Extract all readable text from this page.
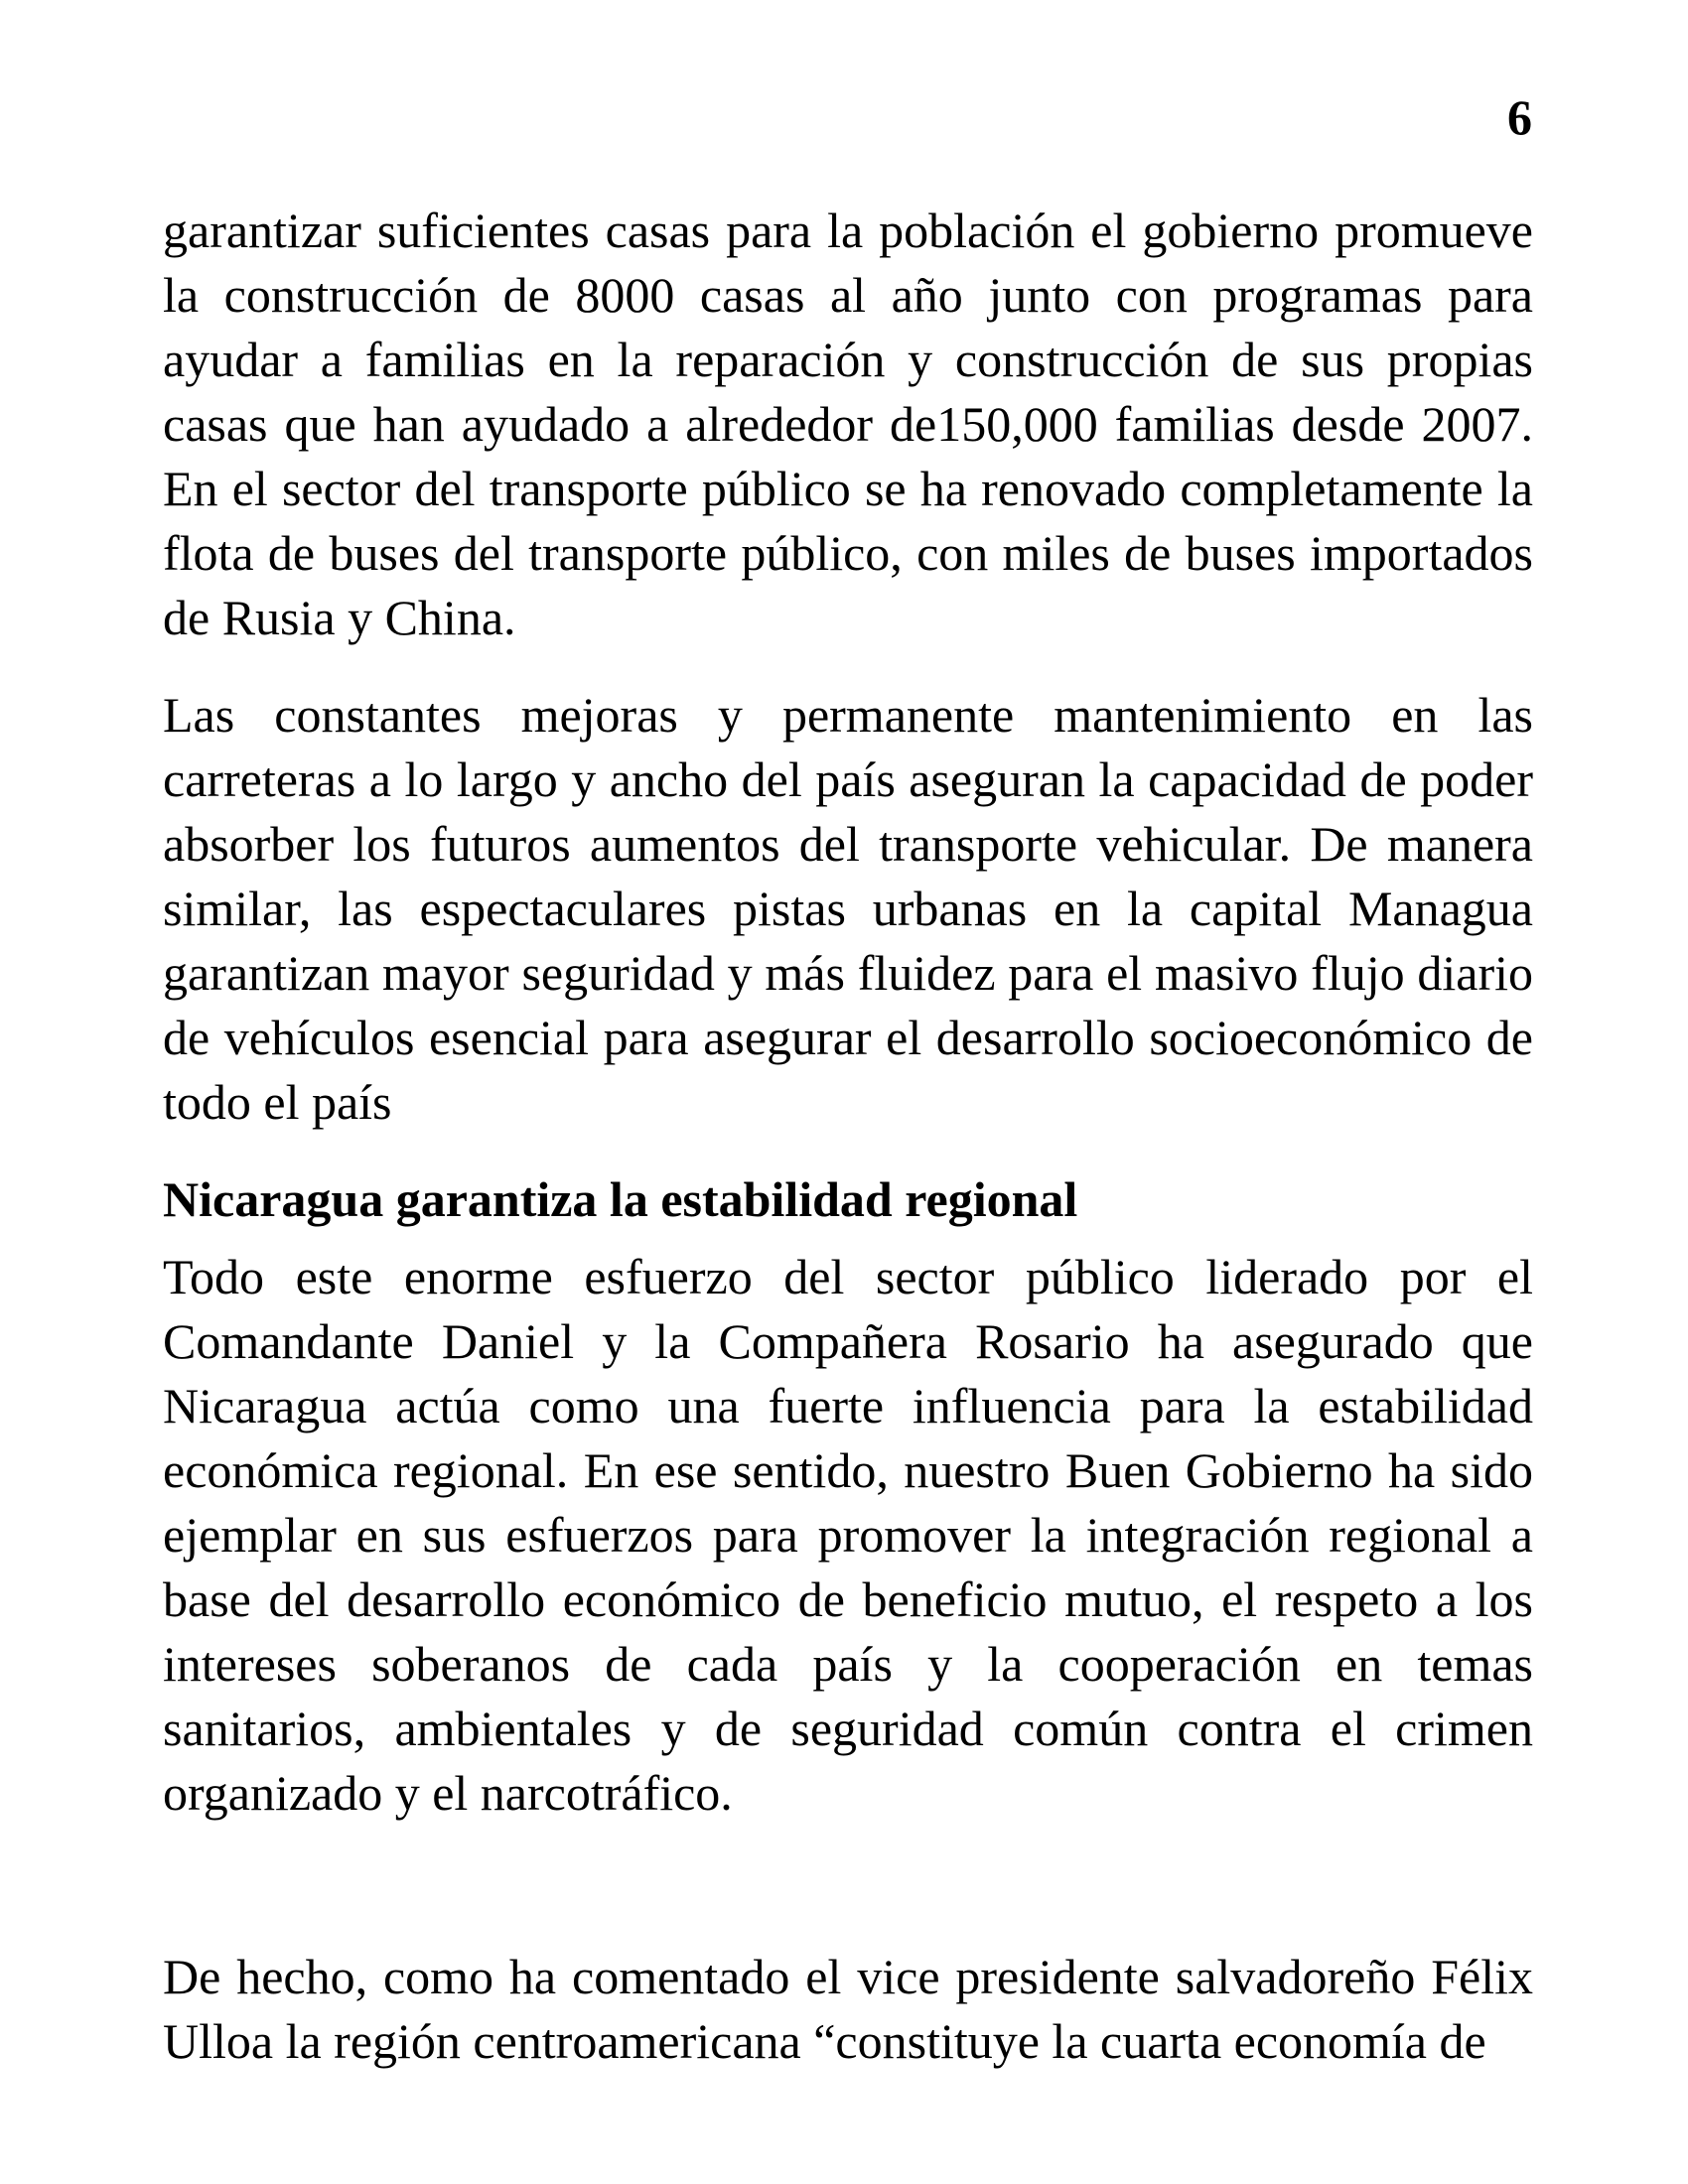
6

garantizar suficientes casas para la población el gobierno promueve la construcción de 8000 casas al año junto con programas para ayudar a familias en la reparación y construcción de sus propias casas que han ayudado a alrededor de150,000 familias desde 2007. En el sector del transporte público se ha renovado completamente la flota de buses del transporte público, con miles de buses importados de Rusia y China.

Las constantes mejoras y permanente mantenimiento en las carreteras a lo largo y ancho del país aseguran la capacidad de poder absorber los futuros aumentos del transporte vehicular. De manera similar, las espectaculares pistas urbanas en la capital Managua garantizan mayor seguridad y más fluidez para el masivo flujo diario de vehículos esencial para asegurar el desarrollo socioeconómico de todo el país

Nicaragua garantiza la estabilidad regional

Todo este enorme esfuerzo del sector público liderado por el Comandante Daniel y la Compañera Rosario ha asegurado que Nicaragua actúa como una fuerte influencia para la estabilidad económica regional. En ese sentido, nuestro Buen Gobierno ha sido ejemplar en sus esfuerzos para promover la integración regional a base del desarrollo económico de beneficio mutuo, el respeto a los intereses soberanos de cada país y la cooperación en temas sanitarios, ambientales y de seguridad común contra el crimen organizado y el narcotráfico.

De hecho, como ha comentado el vice presidente salvadoreño Félix Ulloa la región centroamericana “constituye la cuarta economía de
